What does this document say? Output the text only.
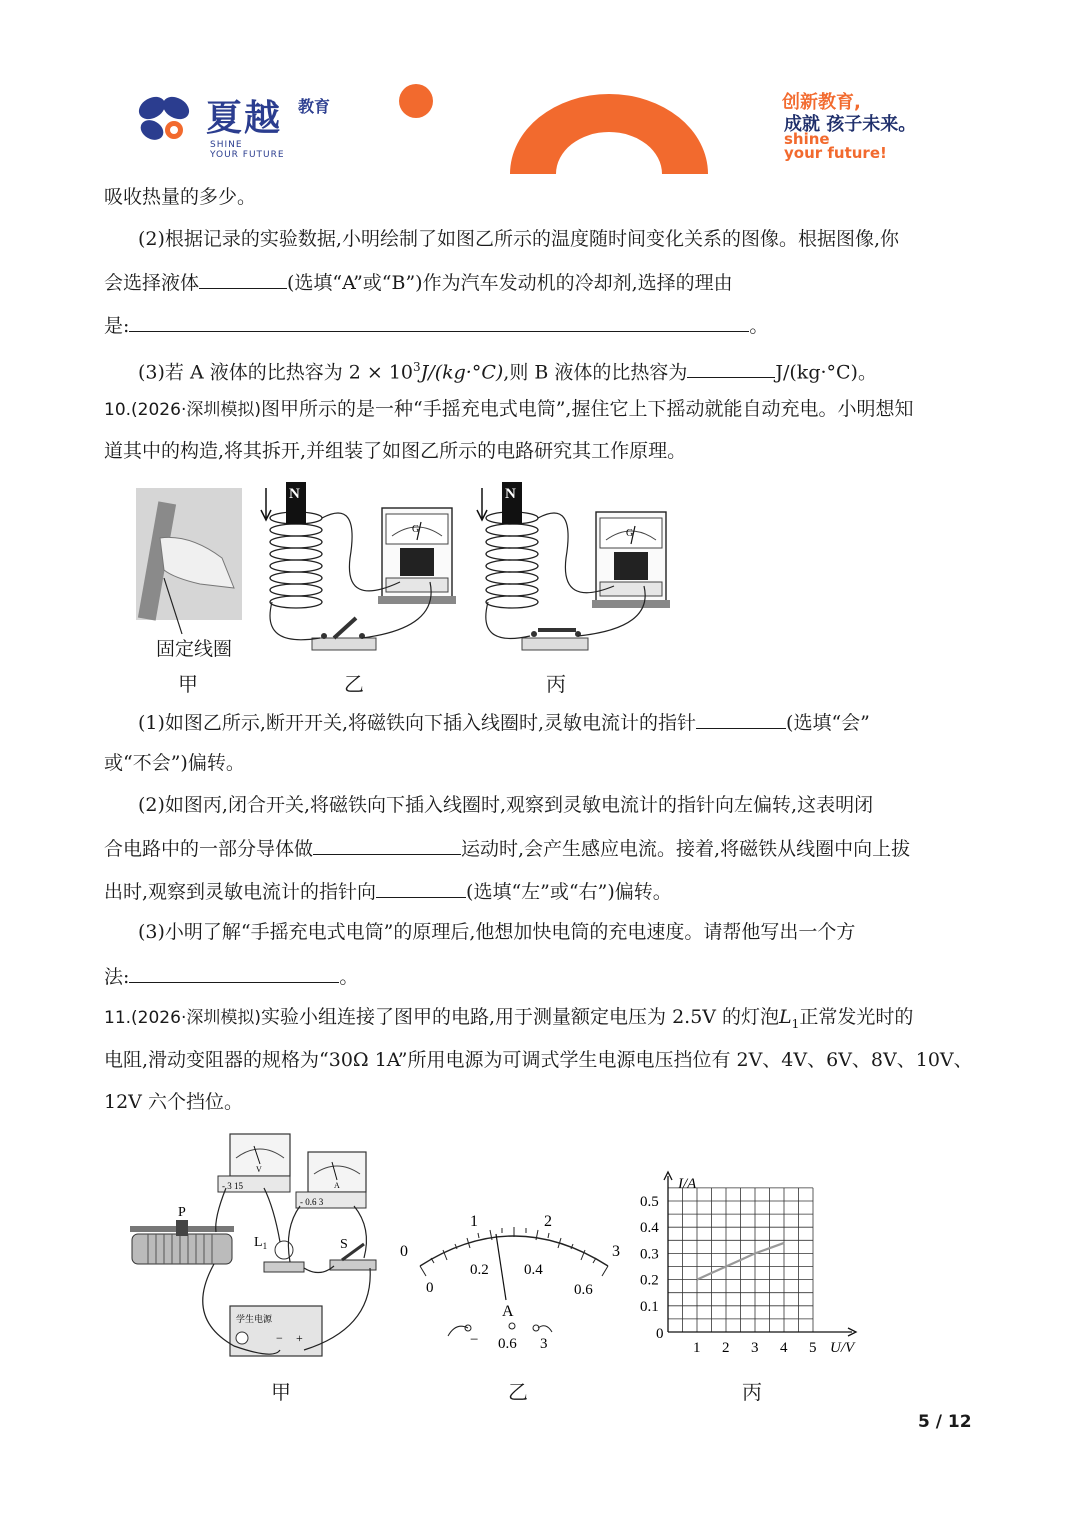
夏越 教育
SHINE
YOUR FUTURE
创新教育,
成就 孩子未来。
shine
your future!
吸收热量的多少。
(2)根据记录的实验数据,小明绘制了如图乙所示的温度随时间变化关系的图像。根据图像,你
会选择液体	(选填“A”或“B”)作为汽车发动机的冷却剂,选择的理由
是:	。
(3)若 A 液体的比热容为 $2 \times 10^3J/(kg\cdot^\circ C)$,则 B 液体的比热容为	J/(kg·°C)。
10.(2026·深圳模拟)图甲所示的是一种“手摇充电式电筒”,握住它上下摇动就能自动充电。小明想知
道其中的构造,将其拆开,并组装了如图乙所示的电路研究其工作原理。
N
G
N
G
固定线圈
甲	乙	丙
(1)如图乙所示,断开开关,将磁铁向下插入线圈时,灵敏电流计的指针	(选填“会”
或“不会”)偏转。
(2)如图丙,闭合开关,将磁铁向下插入线圈时,观察到灵敏电流计的指针向左偏转,这表明闭
合电路中的一部分导体做	运动时,会产生感应电流。接着,将磁铁从线圈中向上拔
出时,观察到灵敏电流计的指针向	(选填“左”或“右”)偏转。
(3)小明了解“手摇充电式电筒”的原理后,他想加快电筒的充电速度。请帮他写出一个方
法:	。
11.(2026·深圳模拟)实验小组连接了图甲的电路,用于测量额定电压为 2.5V 的灯泡$L_1$正常发光时的
电阻,滑动变阻器的规格为“30Ω 1A”所用电源为可调式学生电源电压挡位有 2V、4V、6V、8V、10V、
12V 六个挡位。
V
- 3 15	A
- 0.6 3
P
$L_1$	S
学生电源
− +
甲
0
1	2
3
0
0.2 0.4
0.6
A
− 0.6 3
乙
I/A
U/V
0
1 2 3 4 5
0.1
0.2
0.3
0.4
0.5
丙
5 / 12
